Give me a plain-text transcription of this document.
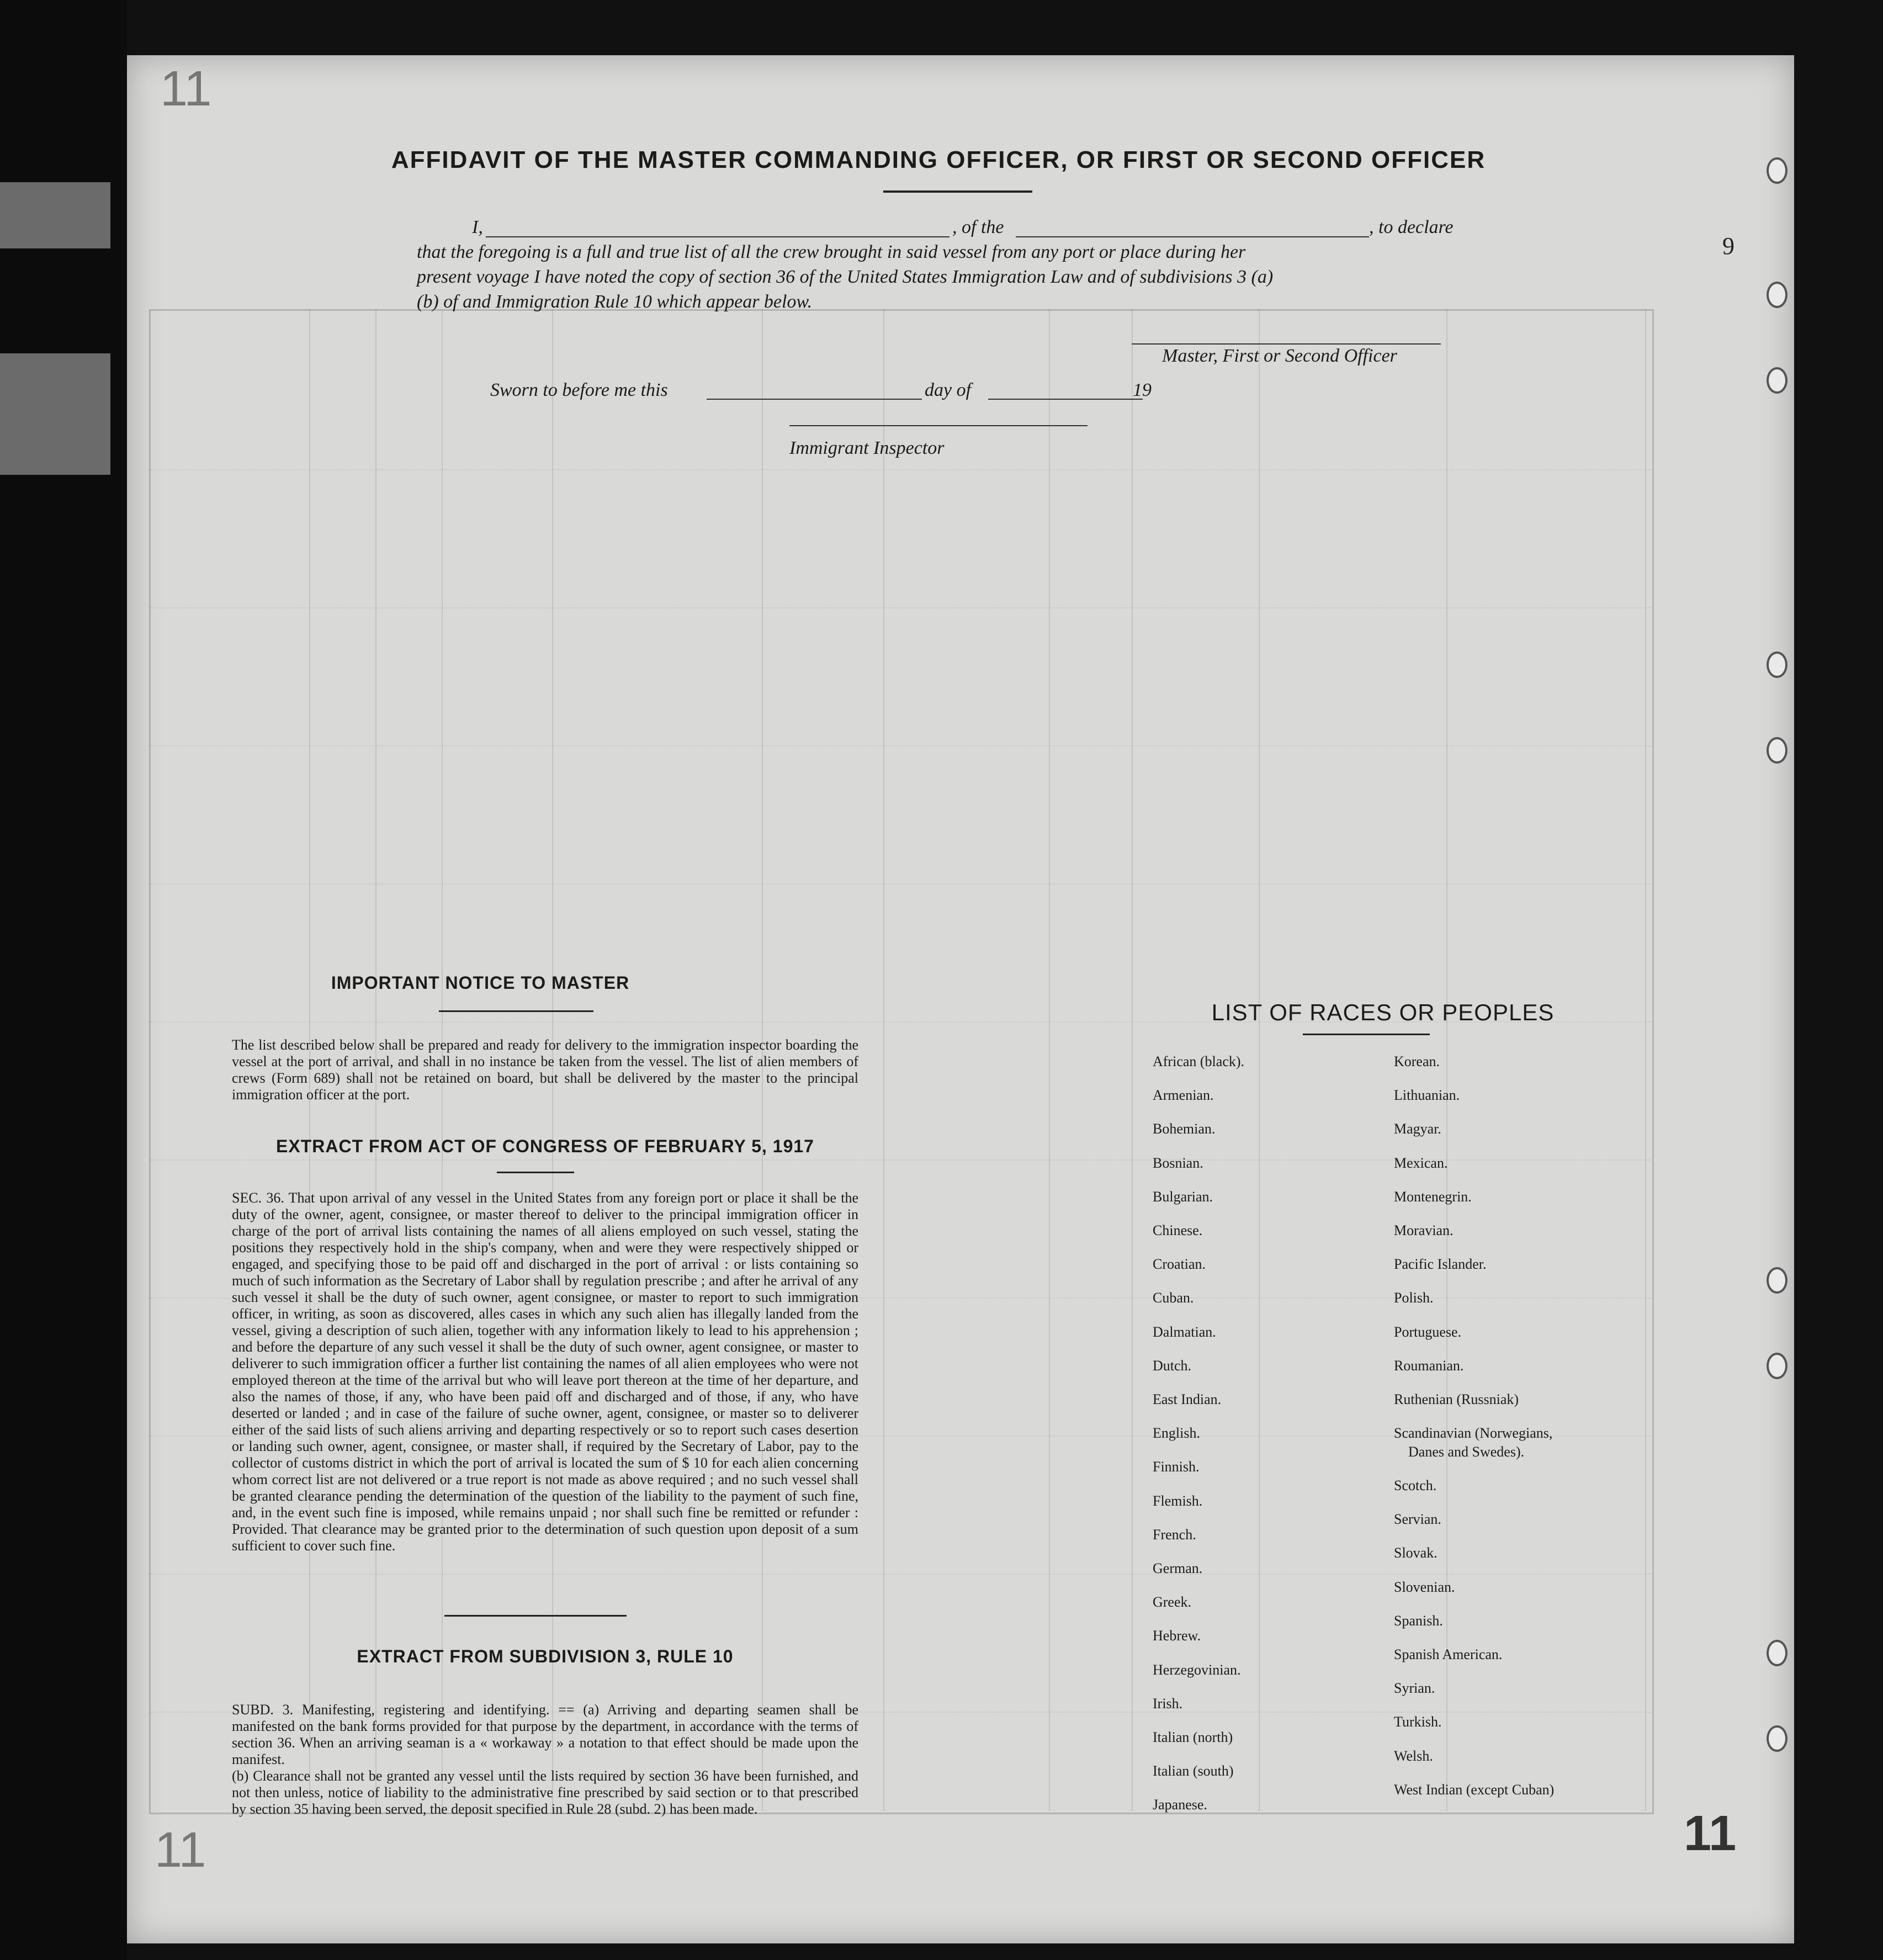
11
11	11
9
AFFIDAVIT OF THE MASTER COMMANDING OFFICER, OR FIRST OR SECOND OFFICER
I,	, of the	, to declare
that the foregoing is a full and true list of all the crew brought in said vessel from any port or place during her
present voyage I have noted the copy of section 36 of the United States Immigration Law and of subdivisions 3 (a)
(b) of and Immigration Rule 10 which appear below.
Master, First or Second Officer
Sworn to before me this	day of	19
Immigrant Inspector
IMPORTANT NOTICE TO MASTER
The list described below shall be prepared and ready for delivery to the immigration inspector boarding the vessel at the port of arrival, and shall in no instance be taken from the vessel. The list of alien members of crews (Form 689) shall not be retained on board, but shall be delivered by the master to the principal immigration officer at the port.
EXTRACT FROM ACT OF CONGRESS OF FEBRUARY 5, 1917
SEC. 36. That upon arrival of any vessel in the United States from any foreign port or place it shall be the duty of the owner, agent, consignee, or master thereof to deliver to the principal immigration officer in charge of the port of arrival lists containing the names of all aliens employed on such vessel, stating the positions they respectively hold in the ship's company, when and were they were respectively shipped or engaged, and specifying those to be paid off and discharged in the port of arrival : or lists containing so much of such information as the Secretary of Labor shall by regulation prescribe ; and after he arrival of any such vessel it shall be the duty of such owner, agent consignee, or master to report to such immigration officer, in writing, as soon as discovered, alles cases in which any such alien has illegally landed from the vessel, giving a description of such alien, together with any information likely to lead to his apprehension ; and before the departure of any such vessel it shall be the duty of such owner, agent consignee, or master to deliverer to such immigration officer a further list containing the names of all alien employees who were not employed thereon at the time of the arrival but who will leave port thereon at the time of her departure, and also the names of those, if any, who have been paid off and discharged and of those, if any, who have deserted or landed ; and in case of the failure of suche owner, agent, consignee, or master so to deliverer either of the said lists of such aliens arriving and departing respectively or so to report such cases desertion or landing such owner, agent, consignee, or master shall, if required by the Secretary of Labor, pay to the collector of customs district in which the port of arrival is located the sum of $ 10 for each alien concerning whom correct list are not delivered or a true report is not made as above required ; and no such vessel shall be granted clearance pending the determination of the question of the liability to the payment of such fine, and, in the event such fine is imposed, while remains unpaid ; nor shall such fine be remitted or refunder : Provided. That clearance may be granted prior to the determination of such question upon deposit of a sum sufficient to cover such fine.
EXTRACT FROM SUBDIVISION 3, RULE 10
SUBD. 3. Manifesting, registering and identifying. == (a) Arriving and departing seamen shall be manifested on the bank forms provided for that purpose by the department, in accordance with the terms of section 36. When an arriving seaman is a « workaway » a notation to that effect should be made upon the manifest.
(b) Clearance shall not be granted any vessel until the lists required by section 36 have been furnished, and not then unless, notice of liability to the administrative fine prescribed by said section or to that prescribed by section 35 having been served, the deposit specified in Rule 28 (subd. 2) has been made.
LIST OF RACES OR PEOPLES
African (black).
Armenian.
Bohemian.
Bosnian.
Bulgarian.
Chinese.
Croatian.
Cuban.
Dalmatian.
Dutch.
East Indian.
English.
Finnish.
Flemish.
French.
German.
Greek.
Hebrew.
Herzegovinian.
Irish.
Italian (north)
Italian (south)
Japanese.
Korean.
Lithuanian.
Magyar.
Mexican.
Montenegrin.
Moravian.
Pacific Islander.
Polish.
Portuguese.
Roumanian.
Ruthenian (Russniak)
Scandinavian (Norwegians,
Danes and Swedes).
Scotch.
Servian.
Slovak.
Slovenian.
Spanish.
Spanish American.
Syrian.
Turkish.
Welsh.
West Indian (except Cuban)
